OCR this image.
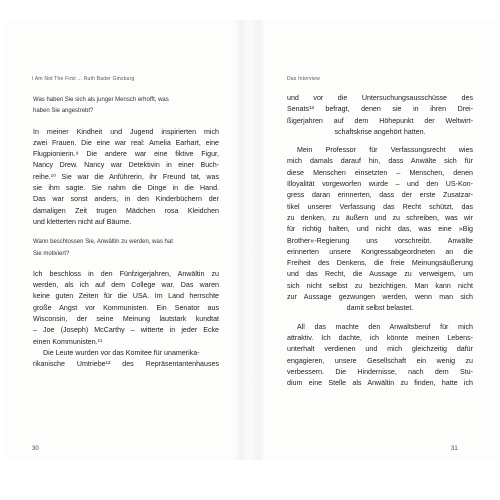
I Am Not The First ... Ruth Bader Ginsburg	Das Interview
Was haben Sie sich als junger Mensch erhofft, was
haben Sie angestrebt?
In meiner Kindheit und Jugend inspirierten mich
zwei Frauen. Die eine war real: Amelia Earhart, eine
Flugpionierin.⁹ Die andere war eine fiktive Figur,
Nancy Drew. Nancy war Detektivin in einer Buch-
reihe.¹⁰ Sie war die Anführerin, ihr Freund tat, was
sie ihm sagte. Sie nahm die Dinge in die Hand.
Das war sonst anders, in den Kinderbüchern der
damaligen Zeit trugen Mädchen rosa Kleidchen
und kletterten nicht auf Bäume.
Wann beschlossen Sie, Anwältin zu werden, was hat
Sie motiviert?
Ich beschloss in den Fünfzigerjahren, Anwältin zu
werden, als ich auf dem College war. Das waren
keine guten Zeiten für die USA. Im Land herrschte
große Angst vor Kommunisten. Ein Senator aus
Wisconsin, der seine Meinung lautstark kundtat
– Joe (Joseph) McCarthy – witterte in jeder Ecke
einen Kommunisten.¹¹
Die Leute wurden vor das Komitee für unamerika-
rikanische Umtriebe¹² des Repräsentantenhauses
und vor die Untersuchungsausschüsse des
Senats¹³ befragt, denen sie in ihren Drei-
ßigerjahren auf dem Höhepunkt der Weltwirt-
schaftskrise angehört hatten.
Mein Professor für Verfassungsrecht wies
mich damals darauf hin, dass Anwälte sich für
diese Menschen einsetzten – Menschen, denen
Illoyalität vorgeworfen wurde – und den US-Kon-
gress daran erinnerten, dass der erste Zusatzar-
tikel unserer Verfassung das Recht schützt, das
zu denken, zu äußern und zu schreiben, was wir
für richtig halten, und nicht das, was eine »Big
Brother«-Regierung uns vorschreibt. Anwälte
erinnerten unsere Kongressabgeordneten an die
Freiheit des Denkens, die freie Meinungsäußerung
und das Recht, die Aussage zu verweigern, um
sich nicht selbst zu bezichtigen. Man kann nicht
zur Aussage gezwungen werden, wenn man sich
damit selbst belastet.
All das machte den Anwaltsberuf für mich
attraktiv. Ich dachte, ich könnte meinen Lebens-
unterhalt verdienen und mich gleichzeitig dafür
engagieren, unsere Gesellschaft ein wenig zu
verbessern. Die Hindernisse, nach dem Stu-
dium eine Stelle als Anwältin zu finden, hatte ich
30	31
